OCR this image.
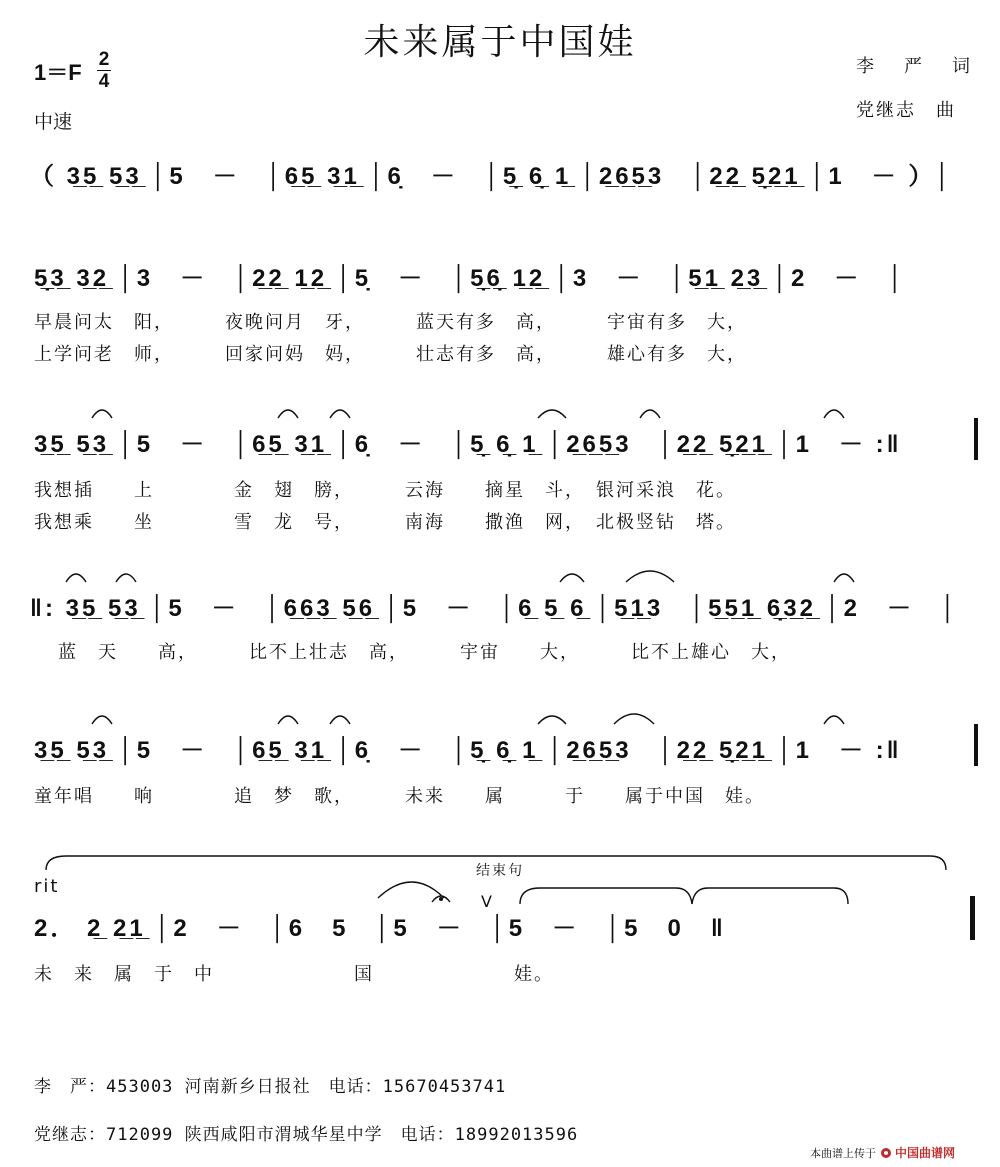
未来属于中国娃
1＝F
2
4
中速
李　严　词
党继志　曲
（ 3̲5̲ 5̲3̲ │5　－　│6̲5̲ 3̲1̲ │6̣　－　│5̣̲ 6̣̲ 1̲ │2̲6̲5̲3　│2̲2̲ 5̣̲2̲1̲ │1　－ ）│
5̣̲3̲ 3̲2̲ │3　－　│2̲2̲ 1̲2̲ │5̣　－　│5̣̲6̣̲ 1̲2̲ │3　－　│5̲1̲ 2̲3̲ │2　－　│
早晨问太　阳，　　　夜晚问月　牙，　　　蓝天有多　高，　　　宇宙有多　大，
上学问老　师，　　　回家问妈　妈，　　　壮志有多　高，　　　雄心有多　大，
3̲5̲ 5̲3̲ │5　－　│6̲5̲ 3̲1̲ │6̣　－　│5̣̲ 6̣̲ 1̲ │2̲6̲5̲3　│2̲2̲ 5̣̲2̲1̲ │1　－ :‖
我想插　　上　　　　金　翅　膀，　　　云海　　摘星　斗，　银河采浪　花。
我想乘　　坐　　　　雪　龙　号，　　　南海　　撒渔　网，　北极竖钻　塔。
‖: 3̲5̲ 5̲3̲ │5　－　│6̲6̲3̲ 5̲6̲ │5　－　│6̲ 5̲ 6̲ │5̲1̲3　│5̲5̲1̲ 6̣̲3̲2̲ │2　－　│
蓝　天　　高，　　　比不上壮志　高，　　　宇宙　　大，　　　比不上雄心　大，
3̲5̲ 5̲3̲ │5　－　│6̲5̲ 3̲1̲ │6̣　－　│5̣̲ 6̣̲ 1̲ │2̲6̲5̲3　│2̲2̲ 5̣̲2̲1̲ │1　－ :‖
童年唱　　响　　　　追　梦　歌，　　　未来　　属　　　于　　属于中国　娃。
rit
结束句
V
2． 2̲ 2̲1̲ │2　－　│6　5　│5　－　│5　－　│5　0　‖
未　来　属　于　中　　　　　　　国　　　　　　　娃。
李　严：453003 河南新乡日报社　电话：15670453741
党继志：712099 陕西咸阳市渭城华星中学　电话：18992013596
本曲谱上传于 中国曲谱网
